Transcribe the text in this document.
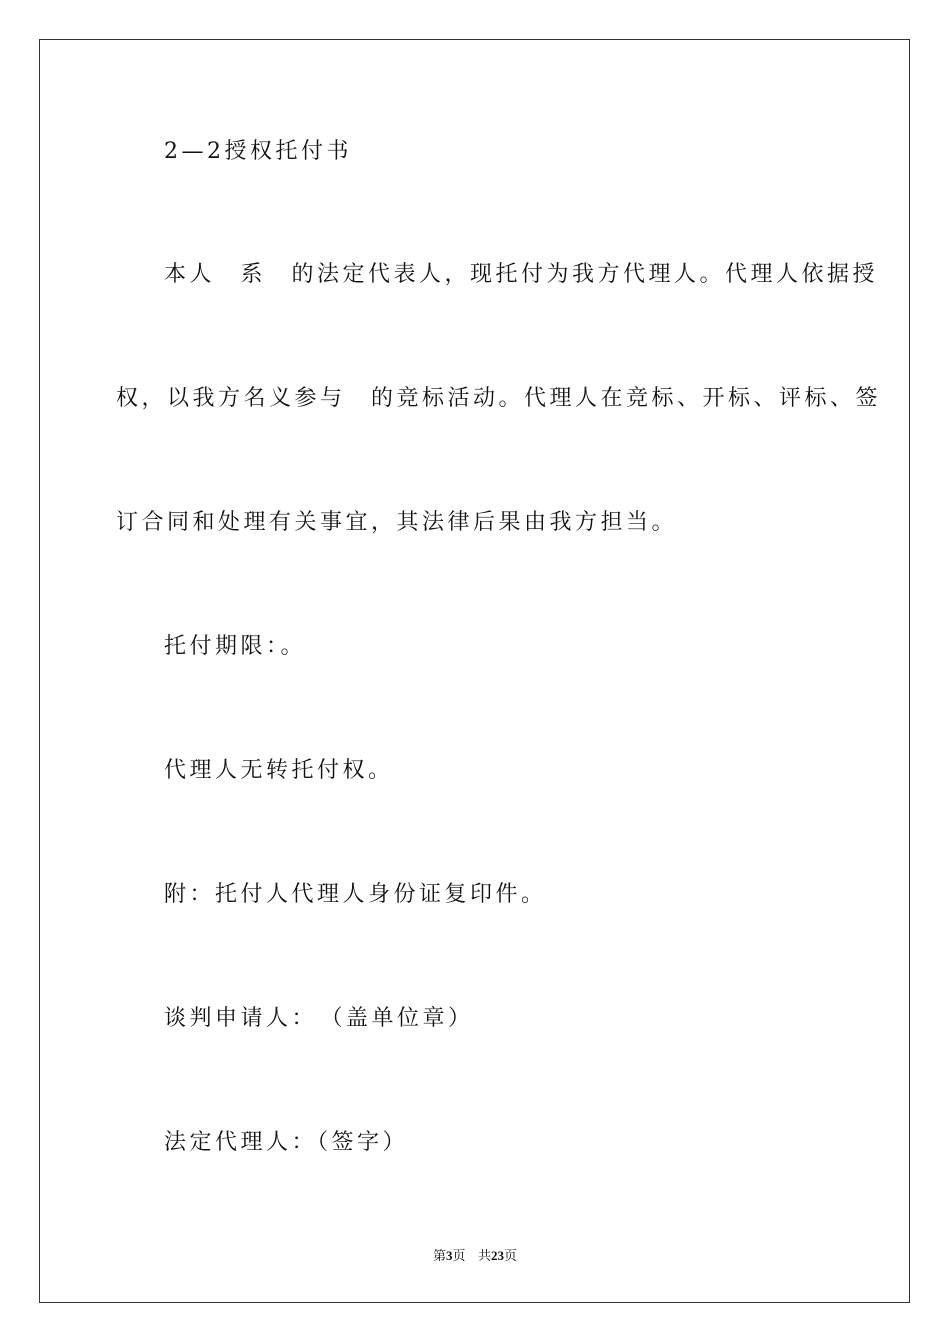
2—2授权托付书
本人　系　的法定代表人，现托付为我方代理人。代理人依据授
权，以我方名义参与　的竞标活动。代理人在竞标、开标、评标、签
订合同和处理有关事宜，其法律后果由我方担当。
托付期限：。
代理人无转托付权。
附：托付人代理人身份证复印件。
谈判申请人：　（盖单位章）
法定代理人：（签字）
第3页 共23页
